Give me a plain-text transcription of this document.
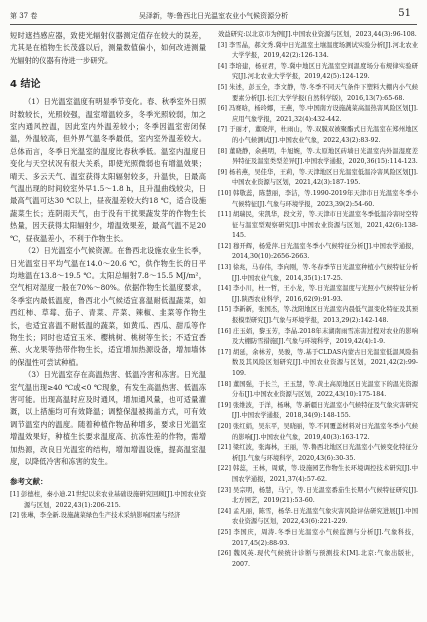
第 37 卷	吴泽新，等:鲁西北日光温室农业小气候资源分析	51

短时遮挡感应器，致使光辐射仪器测定值存在较大的误差，尤其是在植物生长茂盛以后，测量数值偏小，如何改进测量光辐射的仪器有待进一步研究。

4 结论

（1）日光温室温度有明显季节变化。春、秋季室外日照时数较长，光照较强，温室增温较多，冬季光照较弱，加之室内通风控温，因此室内外温差较小；冬季因温室密闭保温，外温较高，但外界气温冬季最低，室内室外温差较大。总体而言，冬季日光温室的温度比春秋季低。温室内温度日变化与天空状况有很大关系，即使光照微弱也有增温效果；晴天、多云天气、温室获得太阳辐射较多，升温快，日最高气温出现的时间较室外早1.5～1.8 h，且升温曲线较尖，日最高气温可达30 ℃以上，昼夜温差较大约18 ℃，适合设施蔬菜生长；连阴雨天气，由于没有干扰果蔬发芽的作物生长热量，因天获得太阳辐射少，增温效果差，最高气温不足20 ℃，昼夜温差小，不利于作物生长。

（2）日光温室小气候资源。在鲁西北设施农业生长季，日光温室日平均气温在14.0～20.6 ℃，供作物生长的日平均地温在13.8～19.5 ℃。太阳总辐射7.8～15.5 MJ/m²，空气相对湿度一般在70%～80%。依据作物生长温度要求，冬季室内最低温度，鲁西北小气候适宜喜温耐低温蔬菜，如西红柿、草莓、茄子、青菜、芹菜、辣椒、韭菜等作物生长，也适宜喜温不耐低温的蔬菜，如黄瓜、西瓜、甜瓜等作物生长；同时也适宜玉米、樱桃树、桃树等生长；不适宜香蕉、火龙果等热带作物生长，适宜增加热源设备，增加墙体的保温性可尝试种植。

（3）日光温室存在高温热害、低温冷害和冻害。日光温室气温出现≥40 ℃或<0 ℃现象，有发生高温热害、低温冻害可能。出现高温时应及时通风，增加通风量，也可适量灌溉，以上措施均可有效降温；调整保温被揭盖方式，可有效调节温室内的温度。随着种植作物品种增多，要求日光温室增温效果好，种植生长要求温度高、抗冻性差的作物，需增加热源，改良日光温室的结构，增加增温设施，提高温室温度，以降低冷害和冻害的发生。

参考文献：

[1] 彭德柱，秦小迪.21世纪以来农业基础设施研究回顾[J].中国农业资源与区划，2022,43(1):206-215.

[2] 张琳，李全新.设施蔬菜绿色生产技术采纳影响因素与经济

效益研究:以北京市为例[J].中国农业资源与区划，2023,44(3):96-108.

[3] 李雪晶，郝文秀.冀中日光温室土壤温度场测试实验分析[J].河北农业大学学报，2019,42(2):126-134.

[4] 李培建，杨亚君，等.冀中地区日光温室空间温度场分布规律实验研究[J].河北农业大学学报，2019,42(5):124-129.

[5] 朱述，彭玉全，李文静，等.冬季不同天气条件下塑料大棚内小气候要素分析[J].长江大学学报(自然科学版)，2016,13(7):65-68.

[6] 冯赛晗，杨玲娜，王燕，等.中国南方设施蔬菜高温热害风险区划[J].应用气象学报，2021,32(4):432-442.

[7] 于丽才，董晓萍，杜雨山，等.双膜双被聚酯式日光温室在郑州地区的小气候测试[J].中国农业气象，2022,43(2):83-92.

[8] 董晓静，余燕明，牛旭婉，等.太原地区砖墙日光温室内外温湿度差异特征及温室类型差异[J].中国农学通报，2020,36(15):114-123.

[9] 杨若燕，吴佳华，王莉，等.天津地区日光温室低温冷害风险区划[J].中国农业资源与区划，2021,42(3):187-195.

[10] 韩敬蕊，陈慧丽，李洁，等.1990-2019年天津市日光温室冬季小气候特征[J].气象与环境学报，2023,39(2):54-60.

[11] 胡瑞民，宋凯华，段文芳，等.天津市日光温室冬季低温冷害时空特征与温室型观察研究[J].中国农业资源与区划，2021,42(6):138-145.

[12] 穆开辉，杨爱萍.日光温室冬季小气候特征分析[J].中国农学通报，2014,30(10):2656-2663.

[13] 徐兆，马春伟，李向刚，等.冬春季节日光温室种植小气候特征分析[J].中国农业气象，2014,35(1):17-25.

[14] 李小川，杜一哲，王小龙，等.日光温室温度与光照小气候特征分析[J].陕西农业科学，2016,62(9):91-93.

[15] 李新新，张国杰，等.沈阳地区日光温室内晨低气温变化特征及其预报模型研究[J].气象与环境学报，2013,29(2):142-148.

[16] 庄玉娟，黎玉芳，李晶.2018年末湖南雨雪冻害过程对农业的影响及大棚防雪措施[J].气象与环境科学，2019,42(4):1-9.

[17] 胡延，余林芳，吴骏，等.基于CLDAS内蒙古日光温室低温风险指数及其风险区划研究[J].中国农业资源与区划，2021,42(2):99-109.

[18] 董国强，于长兰，王玉慧，等.黄土高原地区日光温室下的温光资源分布[J].中国农业资源与区划，2022,43(10):175-184.

[19] 张维波，于洋，杨琳，等.新疆日光温室小气候特征及气象灾害研究[J].中国农学通报，2018,34(9):148-155.

[20] 张红娟，吴东平，吴晓丽，等.不同覆盖材料对日光温室冬季小气候的影响[J].中国农业气象，2019,40(3):163-172.

[21] 梁红波，张海林，王丽，等.鲁西北地区日光温室小气候变化特征分析[J].气象与环境科学，2020,43(6):30-35.

[22] 韩蕊，王林，周斌，等.设施园艺作物生长环境调控技术研究[J].中国农学通报，2021,37(4):57-62.

[23] 吴宗明，杨慧，马宁，等.日光温室番茄生长期小气候特征研究[J].北方园艺，2019(21):53-60.

[24] 孟凡丽，陈雪，杨华.日光温室气象灾害风险评估研究进展[J].中国农业资源与区划，2022,43(6):221-229.

[25] 李国庆，周涛.冬季日光温室小气候监测与分析[J].气象科技，2017,45(2):88-93.

[26] 魏风英.现代气候统计诊断与预测技术[M].北京:气象出版社，2007.
